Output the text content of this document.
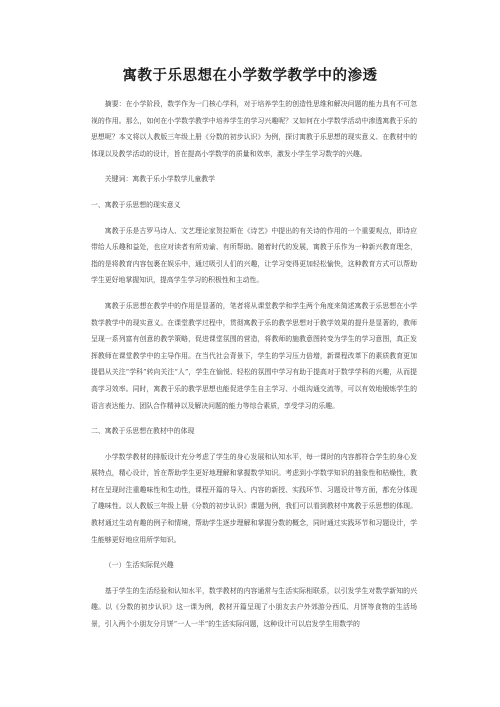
寓教于乐思想在小学数学教学中的渗透

摘要：在小学阶段，数学作为一门核心学科，对于培养学生的创造性思维和解决问题的能力具有不可忽视的作用。那么，如何在小学数学教学中培养学生的学习兴趣呢？又如何在小学数学活动中渗透寓教于乐的思想呢？本文将以人教版三年级上册《分数的初步认识》为例，探讨寓教于乐思想的现实意义、在教材中的体现以及教学活动的设计，旨在提高小学数学的质量和效率，激发小学生学习数学的兴趣。

关键词：寓教于乐小学数学儿童教学

一、寓教于乐思想的现实意义

寓教于乐是古罗马诗人、文艺理论家贺拉斯在《诗艺》中提出的有关诗的作用的一个重要观点，即诗应带给人乐趣和益处，也应对读者有所劝谕、有所帮助。随着时代的发展，寓教于乐作为一种新兴教育理念，指的是将教育内容包裹在娱乐中，通过吸引人们的兴趣，让学习变得更加轻松愉快，这种教育方式可以帮助学生更好地掌握知识，提高学生学习的积极性和主动性。

寓教于乐思想在教学中的作用是显著的，笔者将从课堂教学和学生两个角度来简述寓教于乐思想在小学数学教学中的现实意义。在课堂教学过程中，贯彻寓教于乐的教学思想对于教学效果的提升是显著的，教师呈现一系列富有创意的教学策略，促进课堂氛围的营造，将教师的施教意图转变为学生的学习意图，真正发挥教师在课堂教学中的主导作用。在当代社会背景下，学生的学习压力倍增，新课程改革下的素质教育更加提倡从关注“学科”转向关注“人”，学生在愉悦、轻松的氛围中学习有助于提高对于数学学科的兴趣，从而提高学习效率。同时，寓教于乐的教学思想也能促进学生自主学习、小组沟通交流等，可以有效地锻炼学生的语言表达能力、团队合作精神以及解决问题的能力等综合素质，享受学习的乐趣。

二、寓教于乐思想在教材中的体现

小学数学教材的排版设计充分考虑了学生的身心发展和认知水平，每一课时的内容都符合学生的身心发展特点，精心设计，旨在帮助学生更好地理解和掌握数学知识。考虑到小学数学知识的抽象性和枯燥性，教材在呈现时注重趣味性和生动性，课程开篇的导入、内容的新授、实践环节、习题设计等方面，都充分体现了趣味性。以人教版三年级上册《分数的初步认识》课题为例，我们可以看到教材中寓教于乐思想的体现。教材通过生动有趣的例子和情境，帮助学生逐步理解和掌握分数的概念，同时通过实践环节和习题设计，学生能够更好地应用所学知识。

（一）生活实际促兴趣

基于学生的生活经验和认知水平，数学教材的内容通常与生活实际相联系，以引发学生对数学新知的兴趣。以《分数的初步认识》这一课为例，教材开篇呈现了小朋友去户外郊游分西瓜、月饼等食物的生活场景，引入两个小朋友分月饼“一人一半”的生活实际问题，这种设计可以启发学生用数学的
